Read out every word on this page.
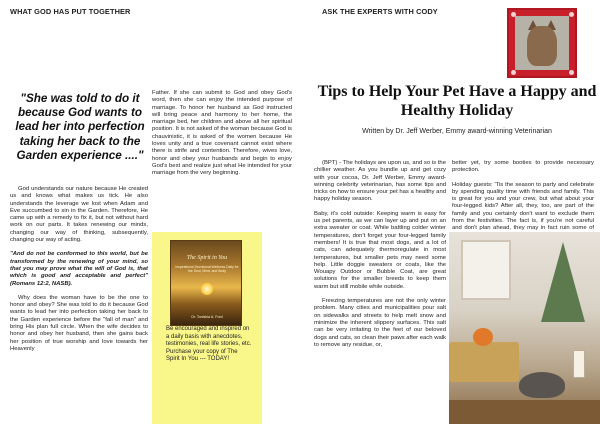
WHAT GOD HAS PUT TOGETHER
"She was told to do it because God wants to lead her into perfection taking her back to the Garden experience ...."

God understands our nature because He created us and knows what makes us tick. He also understands the leverage we lost when Adam and Eve succumbed to sin in the Garden. Therefore, He came up with a remedy to fix it, but not without hard work on our parts. It takes renewing our minds, changing our way of thinking, subsequently, changing our way of acting.

"And do not be conformed to this world, but be transformed by the renewing of your mind, so that you may prove what the will of God is, that which is good and acceptable and perfect" (Romans 12:2, NASB).

Why does the woman have to be the one to honor and obey? She was told to do it because God wants to lead her into perfection taking her back to the Garden experience before the "fall of man" and bring His plan full circle. When the wife decides to honor and obey her husband, then she gains back her position of true worship and love towards her Heavenly

Father. If she can submit to God and obey God's word, then she can enjoy the intended purpose of marriage. To honor her husband as God instructed will bring peace and harmony to her home, the marriage bed, her children and above all her spiritual position. It is not asked of the woman because God is chauvinistic, it is asked of the women because He loves unity and a true covenant cannot exist where there is strife and contention. Therefore, wives love, honor and obey your husbands and begin to enjoy God's best and realize just what He intended for your marriage from the very beginning.

The Spirit in You
Inspirational Devotional Wellness Daily for the Soul, Mind, and Body
Dr. Tonishia A. Ford
Be encouraged and inspired on a daily basis with anecdotes, testimonies, real life stories, etc. Purchase your copy of The Spirit In You --- TODAY!
ASK THE EXPERTS WITH CODY
Tips to Help Your Pet Have a Happy and Healthy Holiday
Written by Dr. Jeff Werber, Emmy award-winning Veterinarian

(BPT) - The holidays are upon us, and so is the chillier weather. As you bundle up and get cozy with your cocoa, Dr. Jeff Werber, Emmy award-winning celebrity veterinarian, has some tips and tricks on how to ensure your pet has a healthy and happy holiday season.

Baby, it's cold outside: Keeping warm is easy for us pet parents, as we can layer up and put on an extra sweater or coat. While battling colder winter temperatures, don't forget your four-legged family members! It is true that most dogs, and a lot of cats, can adequately thermoregulate in most temperatures, but smaller pets may need some help. Little doggie sweaters or coats, like the Wouapy Outdoor or Bubble Coat, are great solutions for the smaller breeds to keep them warm but still mobile while outside.

Freezing temperatures are not the only winter problem. Many cities and municipalities pour salt on sidewalks and streets to help melt snow and minimize the inherent slippery surfaces. This salt can be very irritating to the feet of our beloved dogs and cats, so clean their paws after each walk to remove any residue, or,

better yet, try some booties to provide necessary protection.

Holiday guests: 'Tis the season to party and celebrate by spending quality time with friends and family. This is great for you and your crew, but what about your four-legged kids? After all, they, too, are part of the family and you certainly don't want to exclude them from the festivities. The fact is, if you're not careful and don't plan ahead, they may in fact ruin some of
